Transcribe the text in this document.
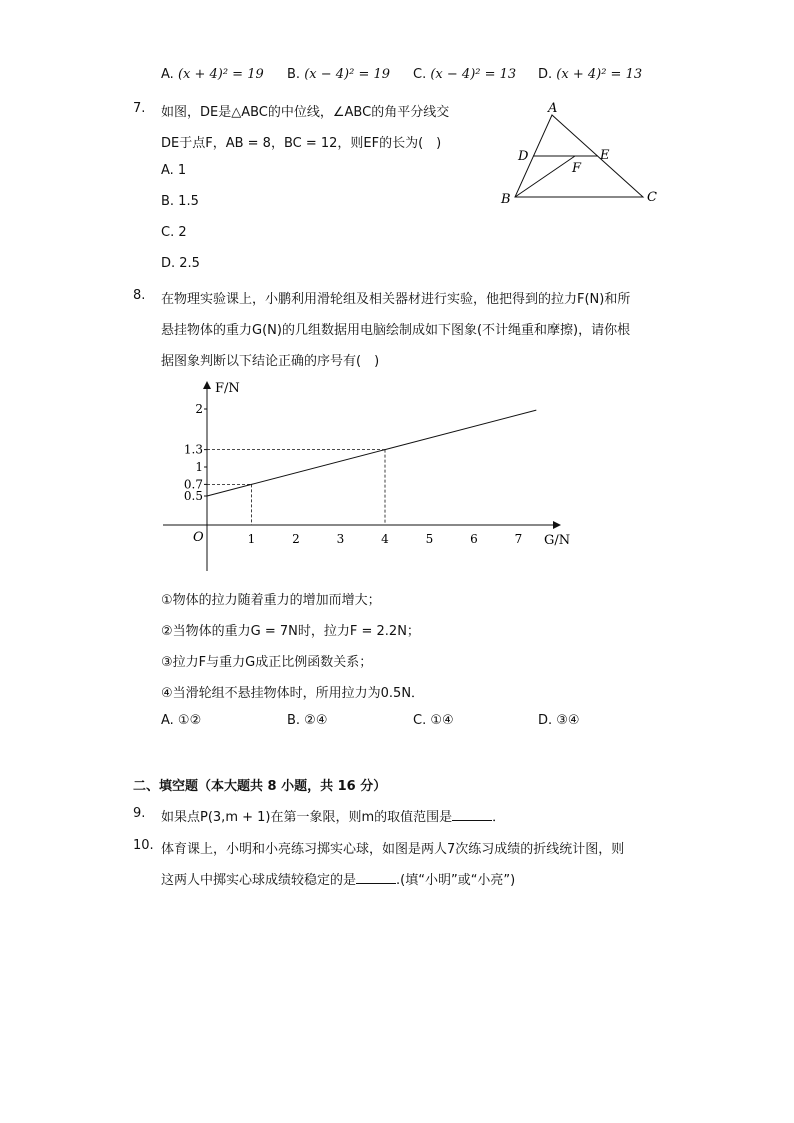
A. (x + 4)² = 19 B. (x − 4)² = 19 C. (x − 4)² = 13 D. (x + 4)² = 13
7. 如图，DE是△ABC的中位线，∠ABC的角平分线交
DE于点F，AB = 8，BC = 12，则EF的长为(　)
A. 1
B. 1.5
C. 2
D. 2.5
A
B	C
D	E
F
8. 在物理实验课上，小鹏利用滑轮组及相关器材进行实验，他把得到的拉力F(N)和所
悬挂物体的重力G(N)的几组数据用电脑绘制成如下图象(不计绳重和摩擦)，请你根
据图象判断以下结论正确的序号有(　)
F/N
G/N
O	1	2	3	4	5	6	7
0.5
0.7
1
1.3
2
①物体的拉力随着重力的增加而增大；
②当物体的重力G = 7N时，拉力F = 2.2N；
③拉力F与重力G成正比例函数关系；
④当滑轮组不悬挂物体时，所用拉力为0.5N．
A. ①②	B. ②④	C. ①④	D. ③④
二、填空题（本大题共 8 小题，共 16 分）
9. 如果点P(3,m + 1)在第一象限，则m的取值范围是	．
10. 体育课上，小明和小亮练习掷实心球，如图是两人7次练习成绩的折线统计图，则
这两人中掷实心球成绩较稳定的是	.(填“小明”或“小亮”)
